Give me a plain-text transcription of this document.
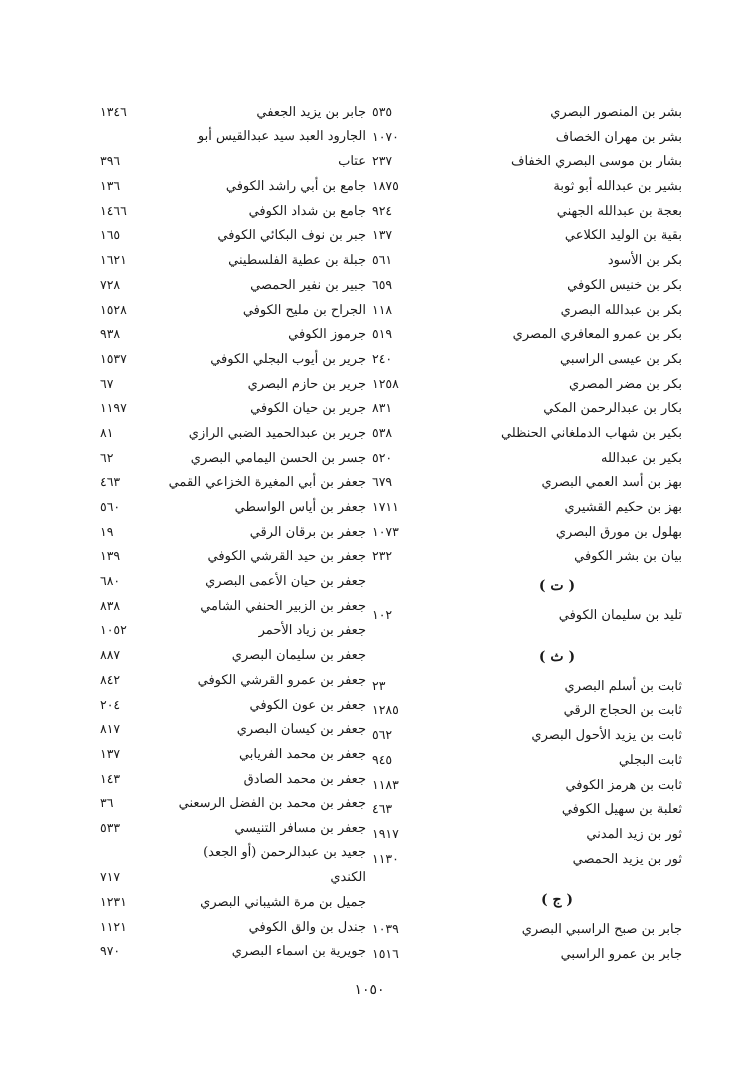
بشر بن المنصور البصري
٥٣٥
بشر بن مهران الخصاف
١٠٧٠
بشار بن موسى البصري الخفاف
٢٣٧
بشير بن عبدالله أبو ثوبة
١٨٧٥
بعجة بن عبدالله الجهني
٩٢٤
بقية بن الوليد الكلاعي
١٣٧
بكر بن الأسود
٥٦١
بكر بن خنيس الكوفي
٦٥٩
بكر بن عبدالله البصري
١١٨
بكر بن عمرو المعافري المصري
٥١٩
بكر بن عيسى الراسبي
٢٤٠
بكر بن مضر المصري
١٢٥٨
بكار بن عبدالرحمن المكي
٨٣١
بكير بن شهاب الدملغاني الحنظلي
٥٣٨
بكير بن عبدالله
٥٢٠
بهز بن أسد العمي البصري
٦٧٩
بهز بن حكيم القشيري
١٧١١
بهلول بن مورق البصري
١٠٧٣
بيان بن بشر الكوفي
٢٣٢
( ت )
تليد بن سليمان الكوفي
١٠٢
( ث )
ثابت بن أسلم البصري
٢٣
ثابت بن الحجاج الرقي
١٢٨٥
ثابت بن يزيد الأحول البصري
٥٦٢
ثابت البجلي
٩٤٥
ثابت بن هرمز الكوفي
١١٨٣
ثعلبة بن سهيل الكوفي
٤٦٣
ثور بن زيد المدني
١٩١٧
ثور بن يزيد الحمصي
١١٣٠
( ج )
جابر بن صبح الراسبي البصري
١٠٣٩
جابر بن عمرو الراسبي
١٥١٦
جابر بن يزيد الجعفي
١٣٤٦
الجارود العبد سيد عبدالقيس أبو
عتاب
٣٩٦
جامع بن أبي راشد الكوفي
١٣٦
جامع بن شداد الكوفي
١٤٦٦
جبر بن نوف البكائي الكوفي
١٦٥
جبلة بن عطية الفلسطيني
١٦٢١
جبير بن نفير الحمصي
٧٢٨
الجراح بن مليح الكوفي
١٥٢٨
جرموز الكوفي
٩٣٨
جرير بن أيوب البجلي الكوفي
١٥٣٧
جرير بن حازم البصري
٦٧
جرير بن حيان الكوفي
١١٩٧
جرير بن عبدالحميد الضبي الرازي
٨١
جسر بن الحسن اليمامي البصري
٦٢
جعفر بن أبي المغيرة الخزاعي القمي
٤٦٣
جعفر بن أياس الواسطي
٥٦٠
جعفر بن برقان الرقي
١٩
جعفر بن حيد القرشي الكوفي
١٣٩
جعفر بن حيان الأعمى البصري
٦٨٠
جعفر بن الزبير الحنفي الشامي
٨٣٨
جعفر بن زياد الأحمر
١٠٥٢
جعفر بن سليمان البصري
٨٨٧
جعفر بن عمرو القرشي الكوفي
٨٤٢
جعفر بن عون الكوفي
٢٠٤
جعفر بن كيسان البصري
٨١٧
جعفر بن محمد الفريابي
١٣٧
جعفر بن محمد الصادق
١٤٣
جعفر بن محمد بن الفضل الرسعني
٣٦
جعفر بن مسافر التنيسي
٥٣٣
جعيد بن عبدالرحمن (أو الجعد)
الكندي
٧١٧
جميل بن مرة الشيباني البصري
١٢٣١
جندل بن والق الكوفي
١١٢١
جويرية بن اسماء البصري
٩٧٠
١٠٥٠
